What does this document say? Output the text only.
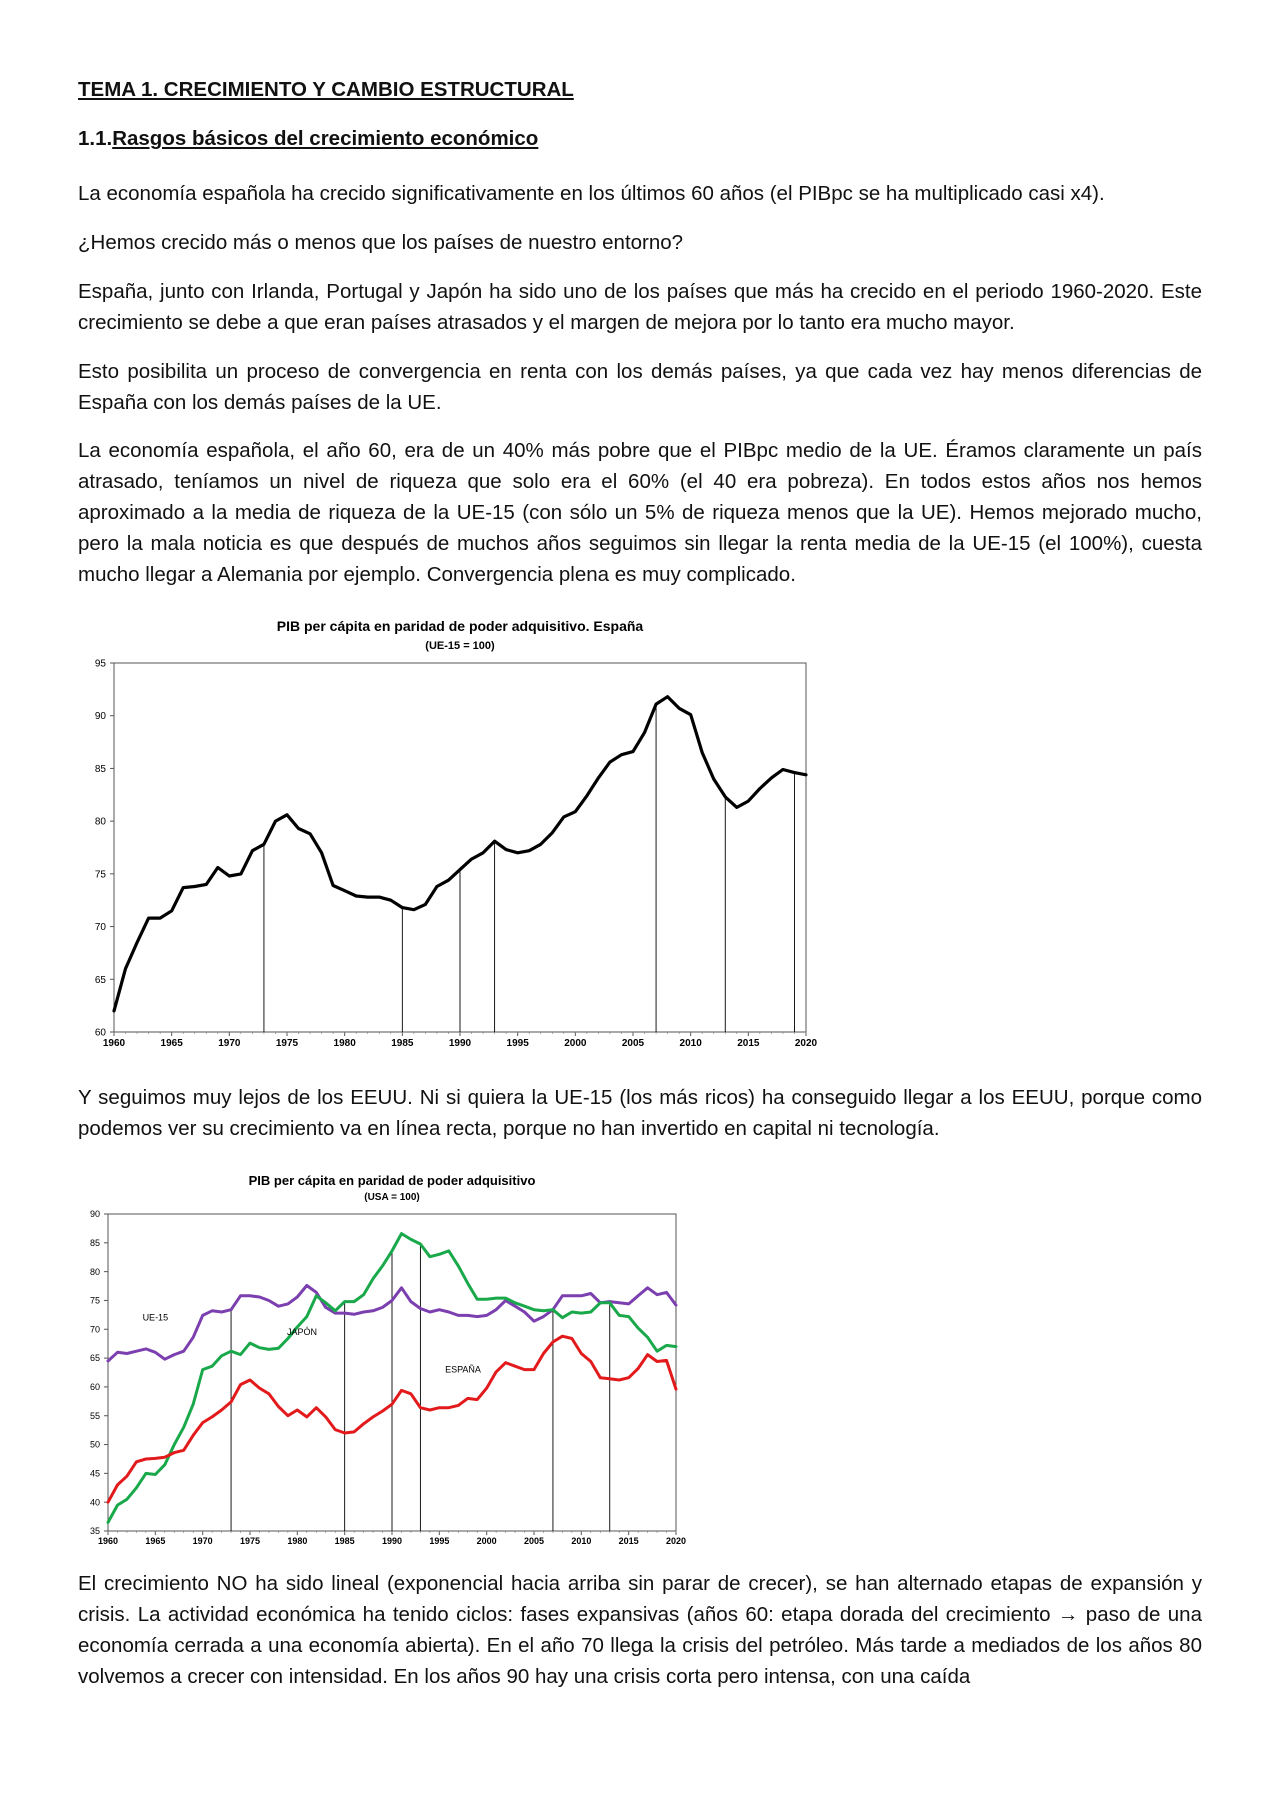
TEMA 1. CRECIMIENTO Y CAMBIO ESTRUCTURAL
1.1.Rasgos básicos del crecimiento económico

La economía española ha crecido significativamente en los últimos 60 años (el PIBpc se ha multiplicado casi x4).

¿Hemos crecido más o menos que los países de nuestro entorno?

España, junto con Irlanda, Portugal y Japón ha sido uno de los países que más ha crecido en el periodo 1960-2020. Este crecimiento se debe a que eran países atrasados y el margen de mejora por lo tanto era mucho mayor.

Esto posibilita un proceso de convergencia en renta con los demás países, ya que cada vez hay menos diferencias de España con los demás países de la UE.

La economía española, el año 60, era de un 40% más pobre que el PIBpc medio de la UE. Éramos claramente un país atrasado, teníamos un nivel de riqueza que solo era el 60% (el 40 era pobreza). En todos estos años nos hemos aproximado a la media de riqueza de la UE-15 (con sólo un 5% de riqueza menos que la UE). Hemos mejorado mucho, pero la mala noticia es que después de muchos años seguimos sin llegar la renta media de la UE-15 (el 100%), cuesta mucho llegar a Alemania por ejemplo. Convergencia plena es muy complicado.

PIB per cápita en paridad de poder adquisitivo. España
(UE-15 = 100)
60
65
70
75
80
85
90
95
1960	1965	1970	1975	1980	1985	1990	1995	2000	2005	2010	2015	2020

Y seguimos muy lejos de los EEUU. Ni si quiera la UE-15 (los más ricos) ha conseguido llegar a los EEUU, porque como podemos ver su crecimiento va en línea recta, porque no han invertido en capital ni tecnología.

PIB per cápita en paridad de poder adquisitivo
(USA = 100)
35
40
45
50
55
60
65
70
75
80
85
90
1960	1965	1970	1975	1980	1985	1990	1995	2000	2005	2010	2015	2020
UE-15
JAPÓN
ESPAÑA

El crecimiento NO ha sido lineal (exponencial hacia arriba sin parar de crecer), se han alternado etapas de expansión y crisis. La actividad económica ha tenido ciclos: fases expansivas (años 60: etapa dorada del crecimiento → paso de una economía cerrada a una economía abierta). En el año 70 llega la crisis del petróleo. Más tarde a mediados de los años 80 volvemos a crecer con intensidad. En los años 90 hay una crisis corta pero intensa, con una caída
